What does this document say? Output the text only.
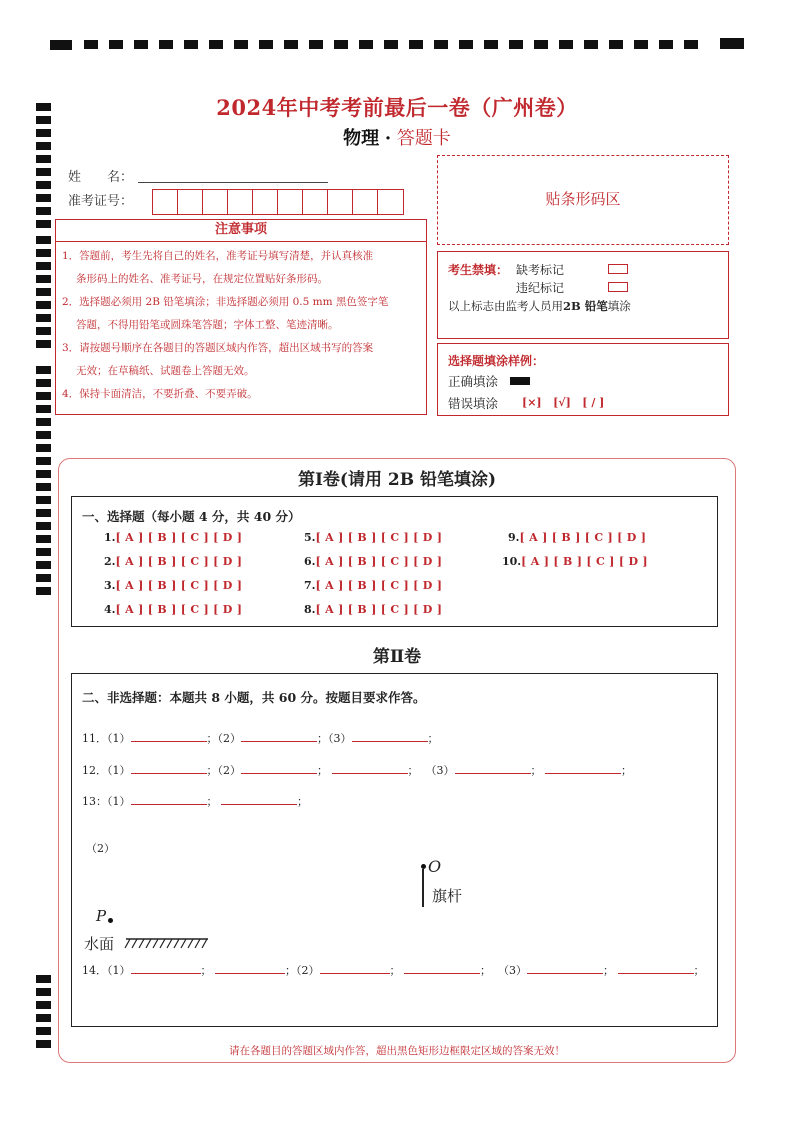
2024年中考考前最后一卷（广州卷）
物理 · 答题卡
姓　　名：
准考证号：	贴条形码区
注意事项
1．答题前，考生先将自己的姓名，准考证号填写清楚，并认真核准
条形码上的姓名、准考证号，在规定位置贴好条形码。
2．选择题必须用 2B 铅笔填涂；非选择题必须用 0.5 mm 黑色签字笔
答题，不得用铅笔或圆珠笔答题；字体工整、笔迹清晰。
3．请按题号顺序在各题目的答题区域内作答，超出区域书写的答案
无效；在草稿纸、试题卷上答题无效。
4．保持卡面清洁，不要折叠、不要弄破。
考生禁填： 缺考标记
违纪标记
以上标志由监考人员用2B 铅笔填涂
选择题填涂样例：
正确填涂
错误填涂 [×] [√] [ / ]
第Ⅰ卷(请用 2B 铅笔填涂)
一、选择题（每小题 4 分，共 40 分）
1.[ A ] [ B ] [ C ] [ D ]
2.[ A ] [ B ] [ C ] [ D ]
3.[ A ] [ B ] [ C ] [ D ]
4.[ A ] [ B ] [ C ] [ D ]
5.[ A ] [ B ] [ C ] [ D ]
6.[ A ] [ B ] [ C ] [ D ]
7.[ A ] [ B ] [ C ] [ D ]
8.[ A ] [ B ] [ C ] [ D ]
9.[ A ] [ B ] [ C ] [ D ]
10.[ A ] [ B ] [ C ] [ D ]
第Ⅱ卷
二、非选择题：本题共 8 小题，共 60 分。按题目要求作答。
11．（1）	；（2）	；（3）	；
12．（1）	；（2）	；	；  （3）	；	；
13：（1）	；	；
（2）
O
旗杆
P
水面
14．（1）	；	；（2）	；	；  （3）	；	；
请在各题目的答题区域内作答，超出黑色矩形边框限定区域的答案无效！
